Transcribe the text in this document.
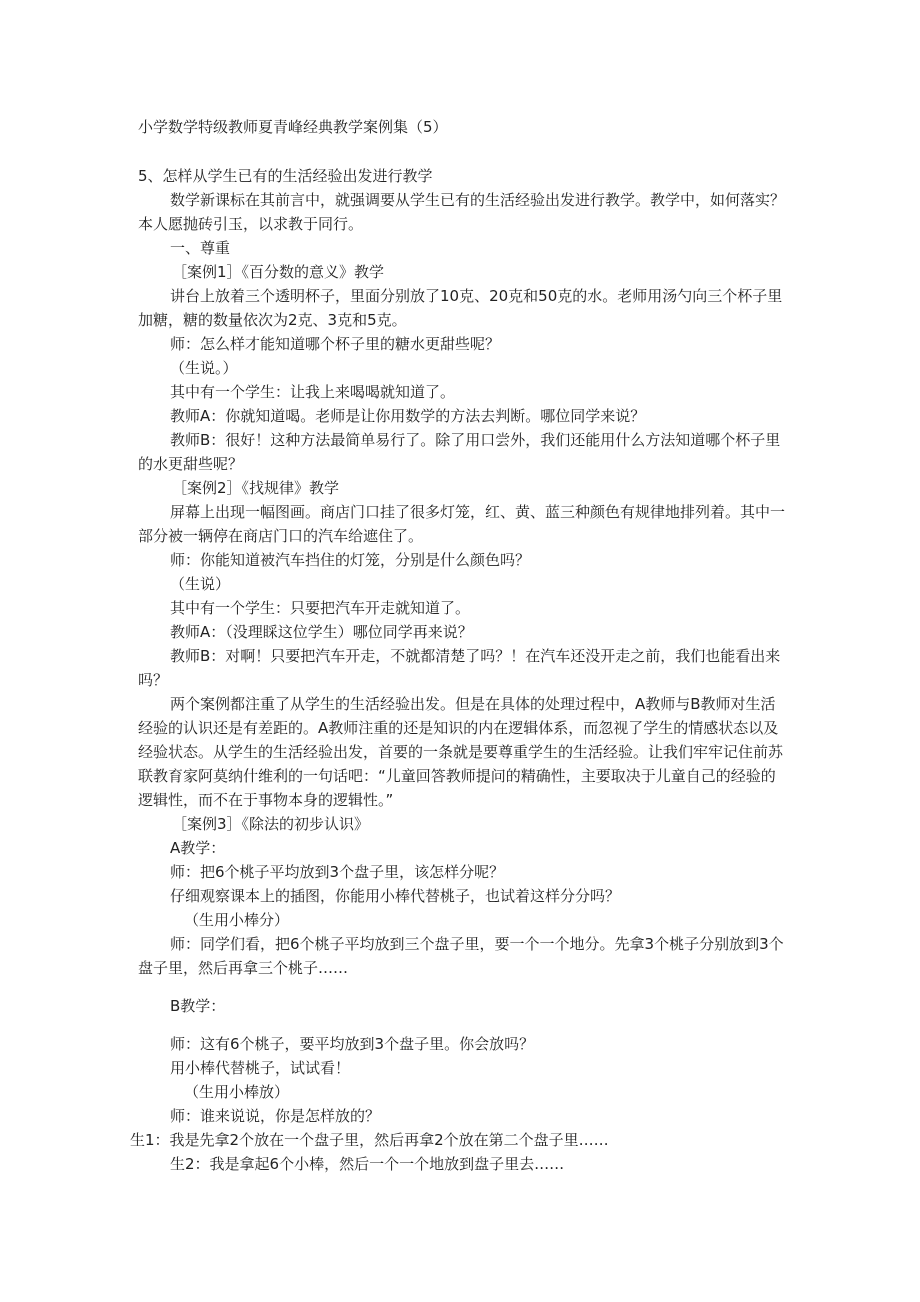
小学数学特级教师夏青峰经典教学案例集（5）

5、怎样从学生已有的生活经验出发进行教学

数学新课标在其前言中，就强调要从学生已有的生活经验出发进行教学。教学中，如何落实？本人愿抛砖引玉，以求教于同行。

一、尊重

［案例1］《百分数的意义》教学

讲台上放着三个透明杯子，里面分别放了10克、20克和50克的水。老师用汤勺向三个杯子里加糖，糖的数量依次为2克、3克和5克。

师：怎么样才能知道哪个杯子里的糖水更甜些呢？

（生说。）

其中有一个学生：让我上来喝喝就知道了。

教师A：你就知道喝。老师是让你用数学的方法去判断。哪位同学来说？

教师B：很好！这种方法最简单易行了。除了用口尝外，我们还能用什么方法知道哪个杯子里的水更甜些呢？

［案例2］《找规律》教学

屏幕上出现一幅图画。商店门口挂了很多灯笼，红、黄、蓝三种颜色有规律地排列着。其中一部分被一辆停在商店门口的汽车给遮住了。

师：你能知道被汽车挡住的灯笼，分别是什么颜色吗？

（生说）

其中有一个学生：只要把汽车开走就知道了。

教师A：（没理睬这位学生）哪位同学再来说？

教师B：对啊！只要把汽车开走，不就都清楚了吗？！在汽车还没开走之前，我们也能看出来吗？

两个案例都注重了从学生的生活经验出发。但是在具体的处理过程中，A教师与B教师对生活经验的认识还是有差距的。A教师注重的还是知识的内在逻辑体系，而忽视了学生的情感状态以及经验状态。从学生的生活经验出发，首要的一条就是要尊重学生的生活经验。让我们牢牢记住前苏联教育家阿莫纳什维利的一句话吧：“儿童回答教师提问的精确性，主要取决于儿童自己的经验的逻辑性，而不在于事物本身的逻辑性。”

［案例3］《除法的初步认识》

A教学：

师：把6个桃子平均放到3个盘子里，该怎样分呢？

仔细观察课本上的插图，你能用小棒代替桃子，也试着这样分分吗？

（生用小棒分）

师：同学们看，把6个桃子平均放到三个盘子里，要一个一个地分。先拿3个桃子分别放到3个盘子里，然后再拿三个桃子……

B教学：

师：这有6个桃子，要平均放到3个盘子里。你会放吗？

用小棒代替桃子，试试看！

（生用小棒放）

师：谁来说说，你是怎样放的？

生1：我是先拿2个放在一个盘子里，然后再拿2个放在第二个盘子里……

生2：我是拿起6个小棒，然后一个一个地放到盘子里去……
